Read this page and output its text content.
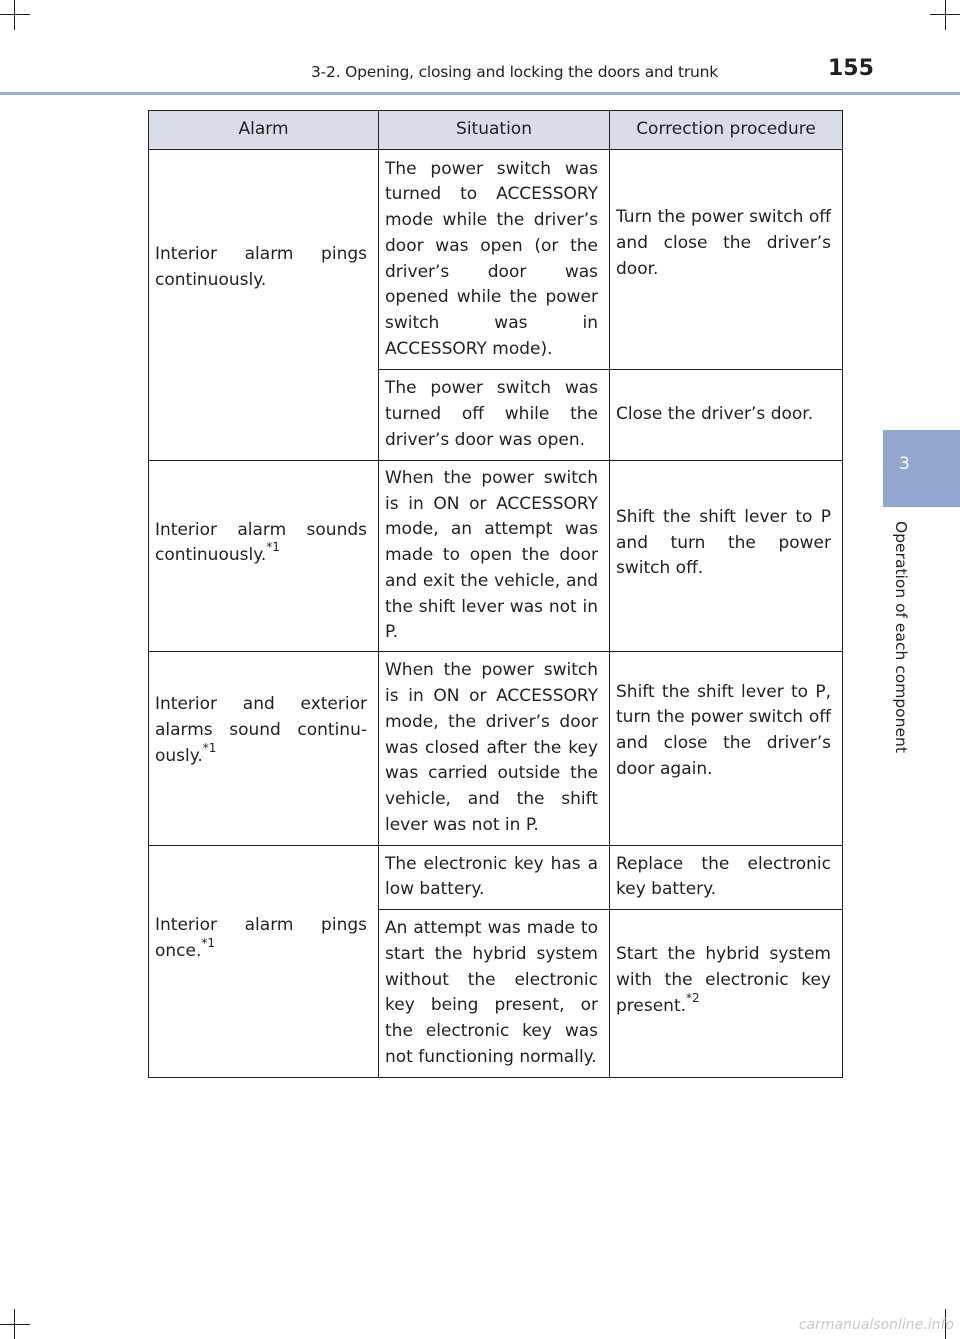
3-2. Opening, closing and locking the doors and trunk	155
3
Operation of each component
Alarm	Situation	Correction procedure
Interior alarm pings continuously.	The power switch was turned to ACCESSORY mode while the driver’s door was open (or the driver’s door was opened while the power switch was in ACCESSORY mode).	Turn the power switch off and close the driver’s door.
	The power switch was turned off while the driver’s door was open.	Close the driver’s door.
Interior alarm sounds continuously.$^{*1}$	When the power switch is in ON or ACCESSORY mode, an attempt was made to open the door and exit the vehicle, and the shift lever was not in P.	Shift the shift lever to P and turn the power switch off.
Interior and exterior alarms sound continu-ously.$^{*1}$	When the power switch is in ON or ACCESSORY mode, the driver’s door was closed after the key was carried outside the vehicle, and the shift lever was not in P.	Shift the shift lever to P, turn the power switch off and close the driver’s door again.
Interior alarm pings once.$^{*1}$	The electronic key has a low battery.	Replace the electronic key battery.
	An attempt was made to start the hybrid system without the electronic key being present, or the electronic key was not functioning normally.	Start the hybrid system with the electronic key present.$^{*2}$
carmanualsonline.info
